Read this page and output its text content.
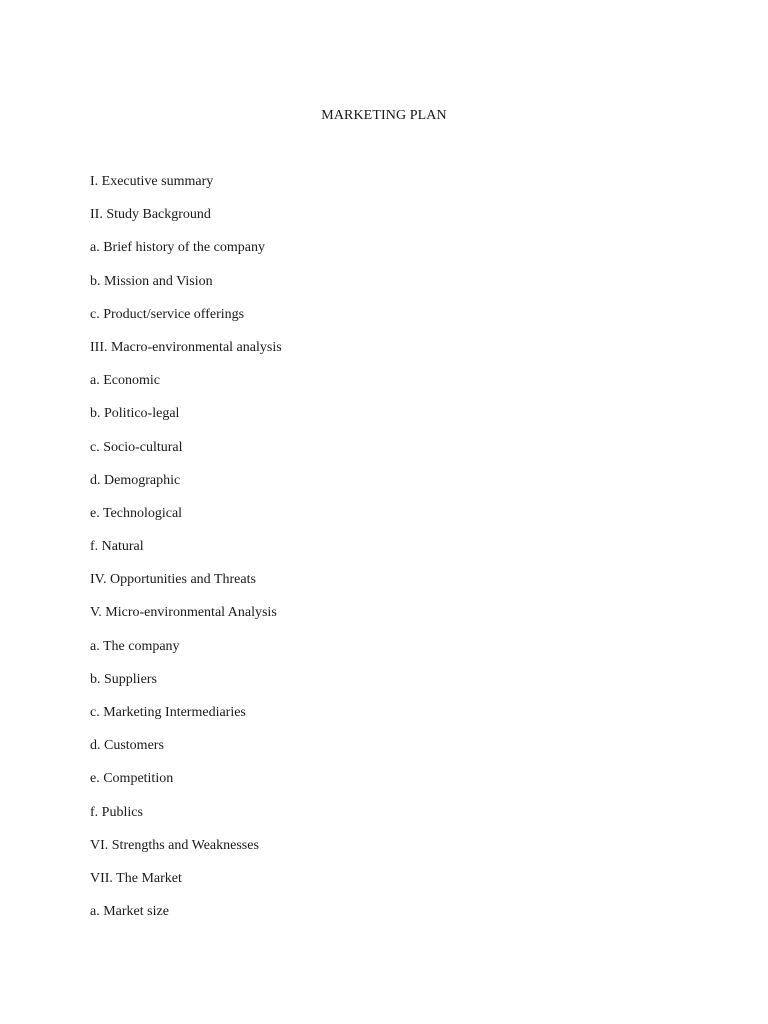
MARKETING PLAN
I. Executive summary
II. Study Background
a. Brief history of the company
b. Mission and Vision
c. Product/service offerings
III. Macro-environmental analysis
a. Economic
b. Politico-legal
c. Socio-cultural
d. Demographic
e. Technological
f. Natural
IV. Opportunities and Threats
V. Micro-environmental Analysis
a. The company
b. Suppliers
c. Marketing Intermediaries
d. Customers
e. Competition
f. Publics
VI. Strengths and Weaknesses
VII. The Market
a. Market size
